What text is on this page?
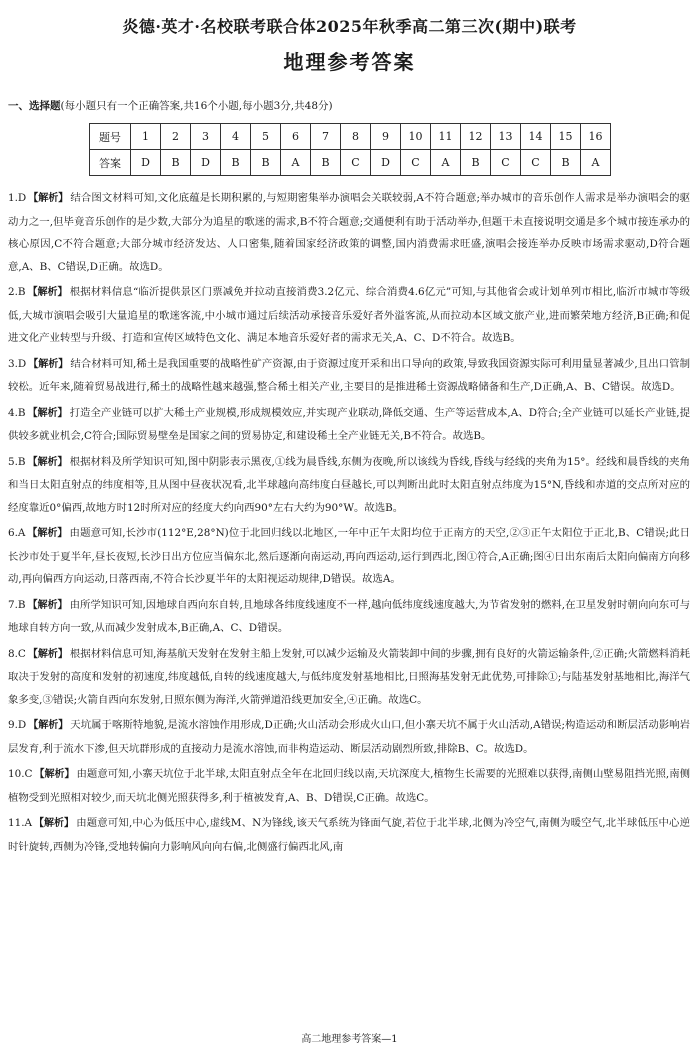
炎德·英才·名校联考联合体2025年秋季高二第三次(期中)联考
地理参考答案
一、选择题(每小题只有一个正确答案,共16个小题,每小题3分,共48分)
题号	1	2	3	4	5	6	7	8	9	10	11	12	13	14	15	16
答案	D	B	D	B	B	A	B	C	D	C	A	B	C	C	B	A
1.D 【解析】 结合图文材料可知,文化底蕴是长期积累的,与短期密集举办演唱会关联较弱,A不符合题意;举办城市的音乐创作人需求是举办演唱会的驱动力之一,但毕竟音乐创作的是少数,大部分为追星的歌迷的需求,B不符合题意;交通便利有助于活动举办,但题干未直接说明交通是多个城市接连承办的核心原因,C不符合题意;大部分城市经济发达、人口密集,随着国家经济政策的调整,国内消费需求旺盛,演唱会接连举办反映市场需求驱动,D符合题意,A、B、C错误,D正确。故选D。
2.B 【解析】 根据材料信息“临沂提供景区门票减免并拉动直接消费3.2亿元、综合消费4.6亿元”可知,与其他省会或计划单列市相比,临沂市城市等级低,大城市演唱会吸引大量追星的歌迷客流,中小城市通过后续活动承接音乐爱好者外溢客流,从而拉动本区域文旅产业,进而繁荣地方经济,B正确;和促进文化产业转型与升级、打造和宣传区域特色文化、满足本地音乐爱好者的需求无关,A、C、D不符合。故选B。
3.D 【解析】 结合材料可知,稀土是我国重要的战略性矿产资源,由于资源过度开采和出口导向的政策,导致我国资源实际可利用量显著减少,且出口管制较松。近年来,随着贸易战进行,稀土的战略性越来越强,整合稀土相关产业,主要目的是推进稀土资源战略储备和生产,D正确,A、B、C错误。故选D。
4.B 【解析】 打造全产业链可以扩大稀土产业规模,形成规模效应,并实现产业联动,降低交通、生产等运营成本,A、D符合;全产业链可以延长产业链,提供较多就业机会,C符合;国际贸易壁垒是国家之间的贸易协定,和建设稀土全产业链无关,B不符合。故选B。
5.B 【解析】 根据材料及所学知识可知,图中阴影表示黑夜,①线为晨昏线,东侧为夜晚,所以该线为昏线,昏线与经线的夹角为15°。经线和晨昏线的夹角和当日太阳直射点的纬度相等,且从图中昼夜状况看,北半球越向高纬度白昼越长,可以判断出此时太阳直射点纬度为15°N,昏线和赤道的交点所对应的经度靠近0°偏西,故地方时12时所对应的经度大约向西90°左右大约为90°W。故选B。
6.A 【解析】 由题意可知,长沙市(112°E,28°N)位于北回归线以北地区,一年中正午太阳均位于正南方的天空,②③正午太阳位于正北,B、C错误;此日长沙市处于夏半年,昼长夜短,长沙日出方位应当偏东北,然后逐渐向南运动,再向西运动,运行到西北,图①符合,A正确;图④日出东南后太阳向偏南方向移动,再向偏西方向运动,日落西南,不符合长沙夏半年的太阳视运动规律,D错误。故选A。
7.B 【解析】 由所学知识可知,因地球自西向东自转,且地球各纬度线速度不一样,越向低纬度线速度越大,为节省发射的燃料,在卫星发射时朝向向东可与地球自转方向一致,从而减少发射成本,B正确,A、C、D错误。
8.C 【解析】 根据材料信息可知,海基航天发射在发射主船上发射,可以减少运输及火箭装卸中间的步骤,拥有良好的火箭运输条件,②正确;火箭燃料消耗取决于发射的高度和发射的初速度,纬度越低,自转的线速度越大,与低纬度发射基地相比,日照海基发射无此优势,可排除①;与陆基发射基地相比,海洋气象多变,③错误;火箭自西向东发射,日照东侧为海洋,火箭弹道沿线更加安全,④正确。故选C。
9.D 【解析】 天坑属于喀斯特地貌,是流水溶蚀作用形成,D正确;火山活动会形成火山口,但小寨天坑不属于火山活动,A错误;构造运动和断层活动影响岩层发育,利于流水下渗,但天坑群形成的直接动力是流水溶蚀,而非构造运动、断层活动剧烈所致,排除B、C。故选D。
10.C 【解析】 由题意可知,小寨天坑位于北半球,太阳直射点全年在北回归线以南,天坑深度大,植物生长需要的光照难以获得,南侧山壁易阻挡光照,南侧植物受到光照相对较少,而天坑北侧光照获得多,利于植被发育,A、B、D错误,C正确。故选C。
11.A 【解析】 由题意可知,中心为低压中心,虚线M、N为锋线,该天气系统为锋面气旋,若位于北半球,北侧为冷空气,南侧为暖空气,北半球低压中心逆时针旋转,西侧为冷锋,受地转偏向力影响风向向右偏,北侧盛行偏西北风,南
高二地理参考答案—1
